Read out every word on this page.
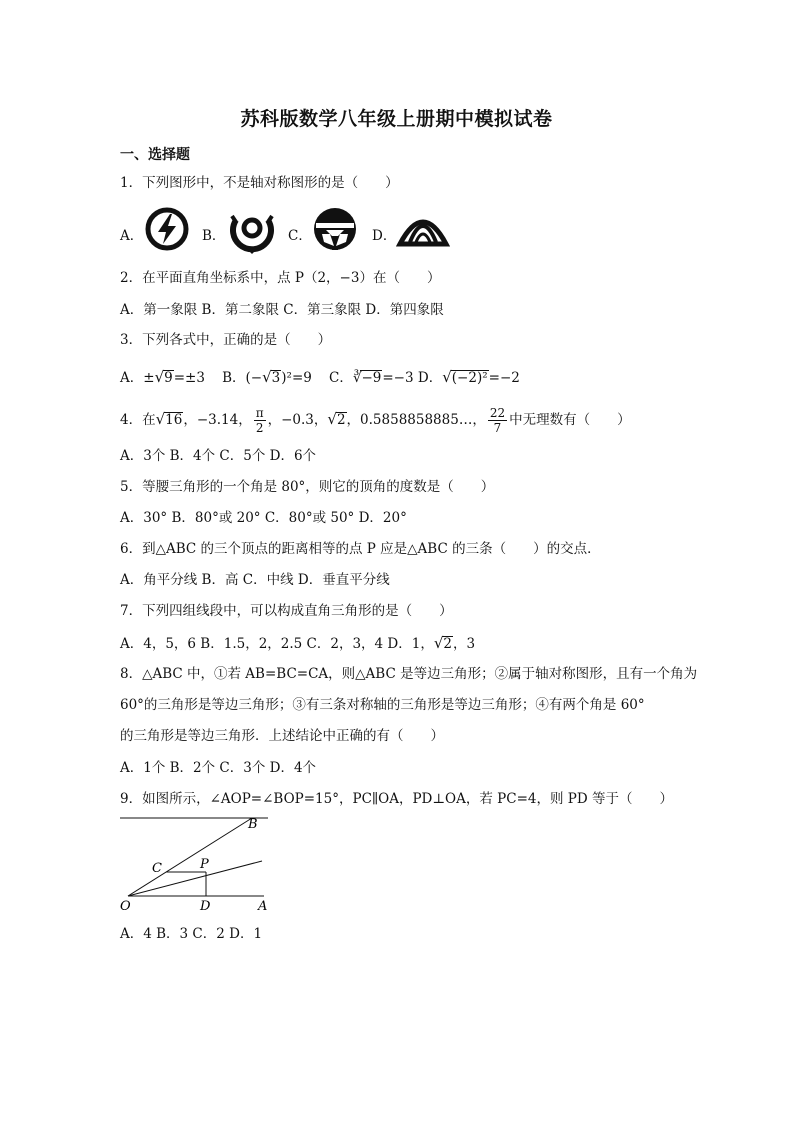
苏科版数学八年级上册期中模拟试卷
一、选择题
1．下列图形中，不是轴对称图形的是（　　）
A．	B．	C．	D．
2．在平面直角坐标系中，点 P（2，−3）在（　　）
A．第一象限 B．第二象限 C．第三象限 D．第四象限
3．下列各式中，正确的是（　　）
A．±√9=±3 B．(−√3)²=9 C．∛−9=−3 D．√(−2)²=−2
4．在√16，−3.14， $\frac{\pi}{2}$ ，−0.3，√2，0.5858858885…， $\frac{22}{7}$ 中无理数有（　　）
A．3个 B．4个 C．5个 D．6个
5．等腰三角形的一个角是 80°，则它的顶角的度数是（　　）
A．30° B．80°或 20° C．80°或 50° D．20°
6．到△ABC 的三个顶点的距离相等的点 P 应是△ABC 的三条（　　）的交点．
A．角平分线 B．高 C．中线 D．垂直平分线
7．下列四组线段中，可以构成直角三角形的是（　　）
A．4，5，6 B．1.5，2，2.5 C．2，3，4 D．1，√2，3
8．△ABC 中，①若 AB=BC=CA，则△ABC 是等边三角形；②属于轴对称图形，且有一个角为
60°的三角形是等边三角形；③有三条对称轴的三角形是等边三角形；④有两个角是 60°
的三角形是等边三角形．上述结论中正确的有（　　）
A．1个 B．2个 C．3个 D．4个
9．如图所示，∠AOP=∠BOP=15°，PC∥OA，PD⊥OA，若 PC=4，则 PD 等于（　　）
B
C	P
O	D	A
A．4 B．3 C．2 D．1
